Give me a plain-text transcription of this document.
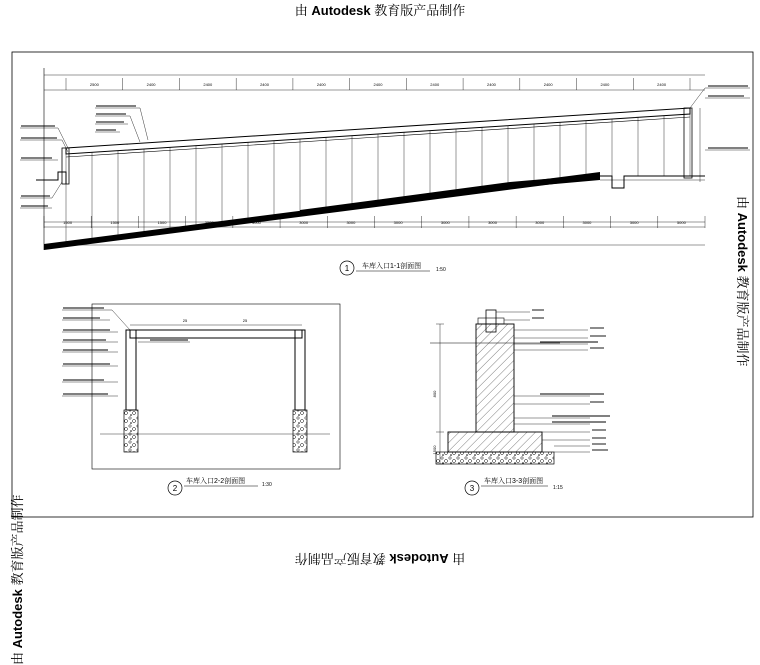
由 Autodesk 教育版产品制作
由 Autodesk 教育版产品制作
由 Autodesk 教育版产品制作
由 Autodesk 教育版产品制作
2500	2400	2400	2400	2400	2400	2400	2400	2400	2400	2400
1500	1500	1500	3500	3000	3000	3000	3000	3000	3000	3000	3000	3000	5000
1 车库入口1-1剖面图	1:50
25	25
2
车库入口2-2剖面图	1:30
800
1500
3
车库入口3-3剖面图
1:15
